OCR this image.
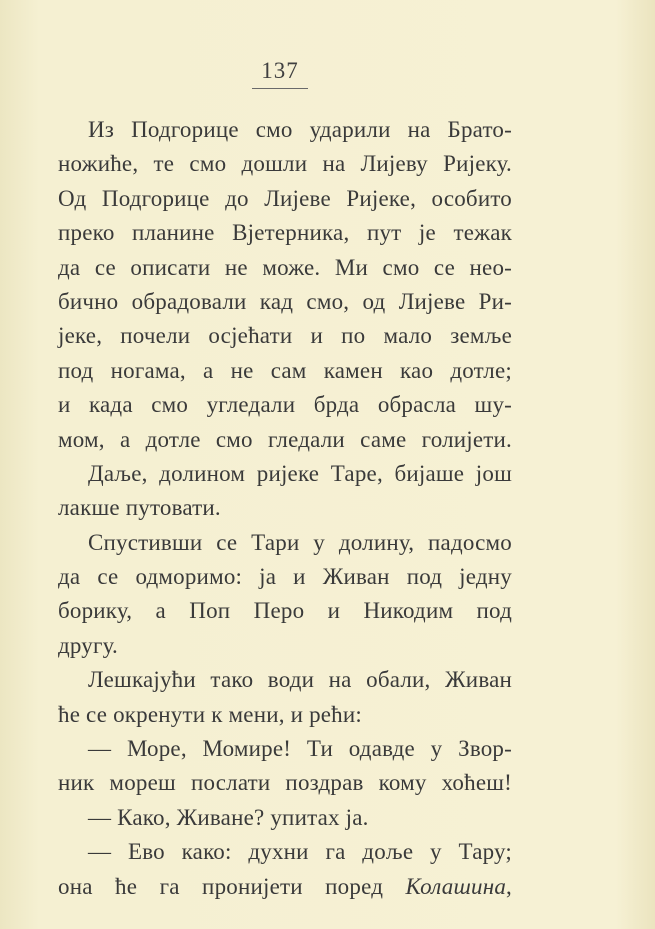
137
Из Подгорице смо ударили на Брато-
ножиће, те смо дошли на Лијеву Ријеку.
Од Подгорице до Лијеве Ријеке, особито
преко планине Вјетерника, пут је тежак
да се описати не може. Ми смо се нео-
бично обрадовали кад смо, од Лијеве Ри-
јеке, почели осјећати и по мало земље
под ногама, а не сам камен као дотле;
и када смо угледали брда обрасла шу-
мом, а дотле смо гледали саме голијети.
Даље, долином ријеке Таре, бијаше још
лакше путовати.
Спустивши се Тари у долину, падосмо
да се одморимо: ја и Живан под једну
борику, а Поп Перо и Никодим под
другу.
Лешкајући тако води на обали, Живан
ће се окренути к мени, и рећи:
— Море, Момире! Ти одавде у Звор-
ник мореш послати поздрав кому хоћеш!
— Како, Живане? упитах ја.
— Ево како: духни га доље у Тару;
она ће га пронијети поред Колашина,
